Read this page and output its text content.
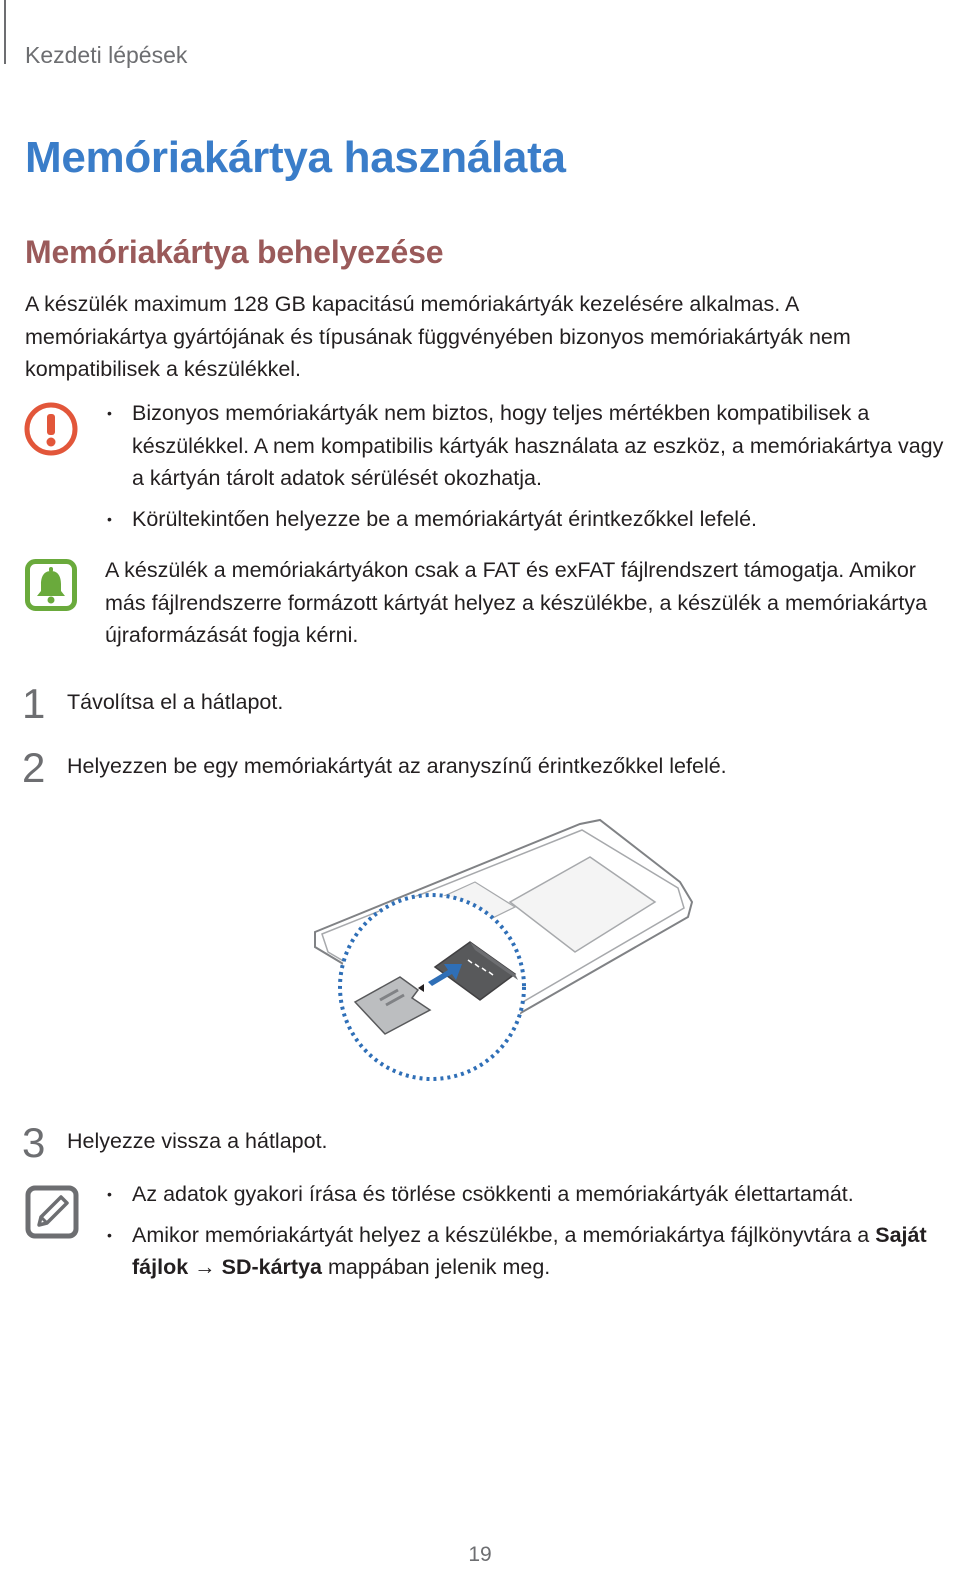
Kezdeti lépések
Memóriakártya használata
Memóriakártya behelyezése

A készülék maximum 128 GB kapacitású memóriakártyák kezelésére alkalmas. A memóriakártya gyártójának és típusának függvényében bizonyos memóriakártyák nem kompatibilisek a készülékkel.

• Bizonyos memóriakártyák nem biztos, hogy teljes mértékben kompatibilisek a készülékkel. A nem kompatibilis kártyák használata az eszköz, a memóriakártya vagy a kártyán tárolt adatok sérülését okozhatja.
• Körültekintően helyezze be a memóriakártyát érintkezőkkel lefelé.

A készülék a memóriakártyákon csak a FAT és exFAT fájlrendszert támogatja. Amikor más fájlrendszerre formázott kártyát helyez a készülékbe, a készülék a memóriakártya újraformázását fogja kérni.

1 Távolítsa el a hátlapot.
2 Helyezzen be egy memóriakártyát az aranyszínű érintkezőkkel lefelé.
3 Helyezze vissza a hátlapot.
• Az adatok gyakori írása és törlése csökkenti a memóriakártyák élettartamát.
• Amikor memóriakártyát helyez a készülékbe, a memóriakártya fájlkönyvtára a Saját fájlok → SD-kártya mappában jelenik meg.
19
